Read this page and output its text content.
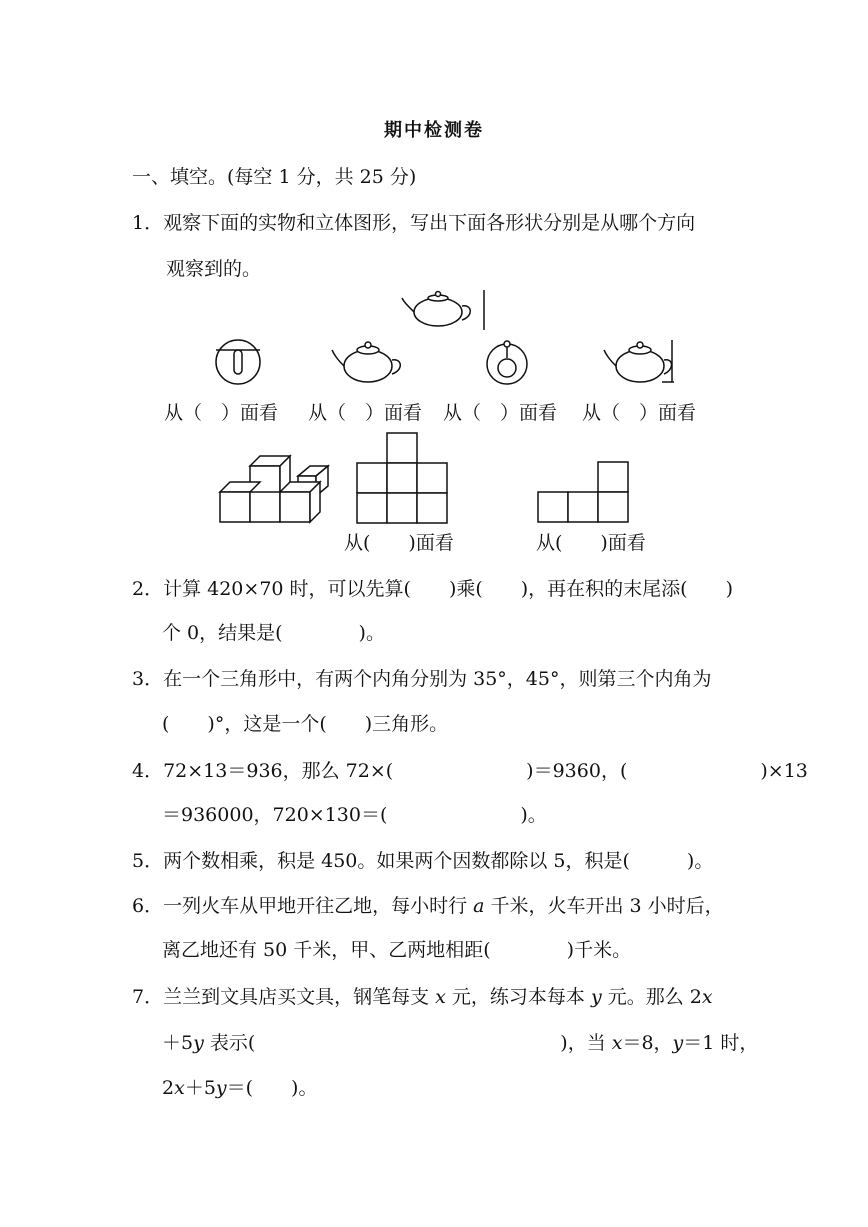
期中检测卷
一、填空。(每空 1 分，共 25 分)
1．观察下面的实物和立体图形，写出下面各形状分别是从哪个方向
观察到的。
从（　）面看 从（　）面看 从（　）面看 从（　）面看
从(　　)面看	从(　　)面看
2．计算 420×70 时，可以先算(　　)乘(　　)，再在积的末尾添(　　)
个 0，结果是(　　　　)。
3．在一个三角形中，有两个内角分别为 35°，45°，则第三个内角为
(　　)°，这是一个(　　)三角形。
4．72×13＝936，那么 72×(　　　　　　　)＝9360，(　　　　　　　)×13
＝936000，720×130＝(　　　　　　　)。
5．两个数相乘，积是 450。如果两个因数都除以 5，积是(　　　)。
6．一列火车从甲地开往乙地，每小时行 a 千米，火车开出 3 小时后，
离乙地还有 50 千米，甲、乙两地相距(　　　　)千米。
7．兰兰到文具店买文具，钢笔每支 x 元，练习本每本 y 元。那么 2x
＋5y 表示(	)，当 x＝8，y＝1 时，
2x＋5y＝(　　)。
